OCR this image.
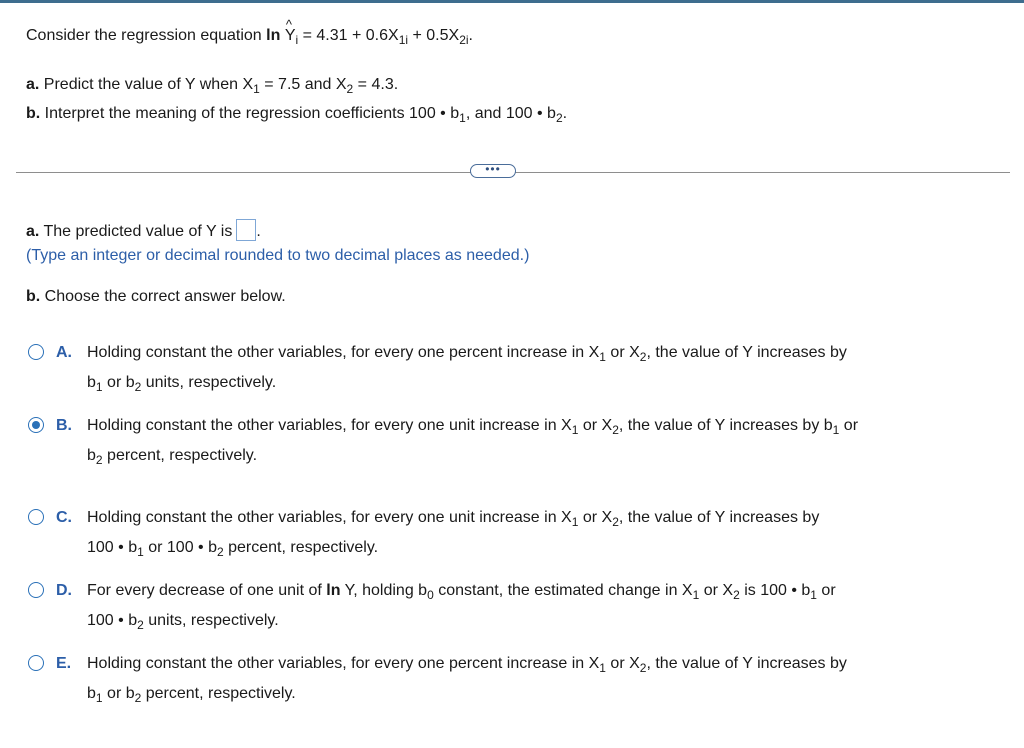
Consider the regression equation ln ^ $Y_i = 4.31 + 0.6X_{1i} + 0.5X_{2i}$.
a. Predict the value of Y when $X_1 = 7.5$ and $X_2 = 4.3$.
b. Interpret the meaning of the regression coefficients 100 • $b_1$, and 100 • $b_2$.
•••
a. The predicted value of Y is .
(Type an integer or decimal rounded to two decimal places as needed.)
b. Choose the correct answer below.
A. Holding constant the other variables, for every one percent increase in $X_1$ or $X_2$, the value of Y increases by
$b_1$ or $b_2$ units, respectively.
B. Holding constant the other variables, for every one unit increase in $X_1$ or $X_2$, the value of Y increases by $b_1$ or
$b_2$ percent, respectively.
C. Holding constant the other variables, for every one unit increase in $X_1$ or $X_2$, the value of Y increases by
100 • $b_1$ or 100 • $b_2$ percent, respectively.
D. For every decrease of one unit of ln Y, holding $b_0$ constant, the estimated change in $X_1$ or $X_2$ is 100 • $b_1$ or
100 • $b_2$ units, respectively.
E. Holding constant the other variables, for every one percent increase in $X_1$ or $X_2$, the value of Y increases by
$b_1$ or $b_2$ percent, respectively.
